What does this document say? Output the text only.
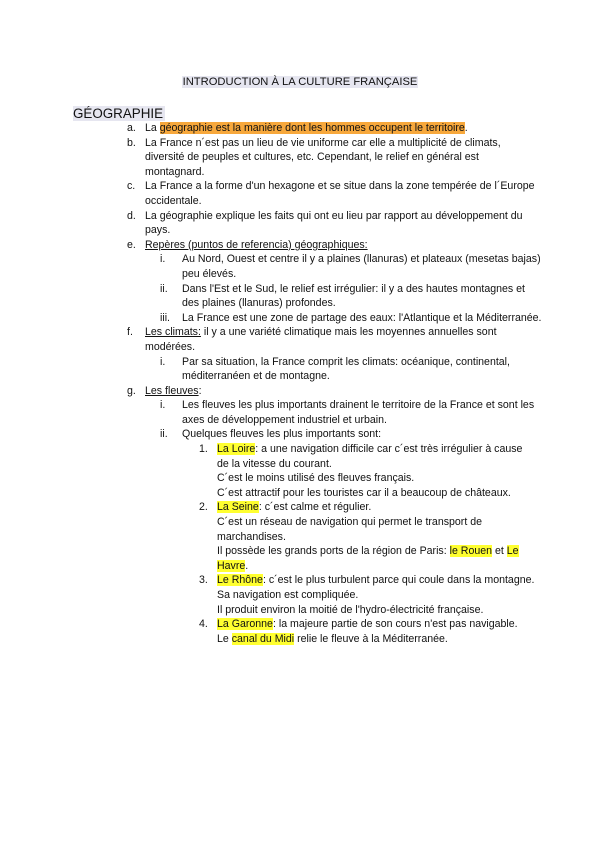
INTRODUCTION À LA CULTURE FRANÇAISE
GÉOGRAPHIE
a. La géographie est la manière dont les hommes occupent le territoire.
b. La France n´est pas un lieu de vie uniforme car elle a multiplicité de climats, diversité de peuples et cultures, etc. Cependant, le relief en général est montagnard.
c. La France a la forme d'un hexagone et se situe dans la zone tempérée de l´Europe occidentale.
d. La géographie explique les faits qui ont eu lieu par rapport au développement du pays.
e. Repères (puntos de referencia) géographiques:
i. Au Nord, Ouest et centre il y a plaines (llanuras) et plateaux (mesetas bajas) peu élevés.
ii. Dans l'Est et le Sud, le relief est irrégulier: il y a des hautes montagnes et des plaines (llanuras) profondes.
iii. La France est une zone de partage des eaux: l'Atlantique et la Méditerranée.
f. Les climats: il y a une variété climatique mais les moyennes annuelles sont modérées.
i. Par sa situation, la France comprit les climats: océanique, continental, méditerranéen et de montagne.
g. Les fleuves:
i. Les fleuves les plus importants drainent le territoire de la France et sont les axes de développement industriel et urbain.
ii. Quelques fleuves les plus importants sont:
1. La Loire: a une navigation difficile car c´est très irrégulier à cause de la vitesse du courant.
C´est le moins utilisé des fleuves français.
C´est attractif pour les touristes car il a beaucoup de châteaux.
2. La Seine: c´est calme et régulier.
C´est un réseau de navigation qui permet le transport de marchandises.
Il possède les grands ports de la région de Paris: le Rouen et Le Havre.
3. Le Rhône: c´est le plus turbulent parce qui coule dans la montagne.
Sa navigation est compliquée.
Il produit environ la moitié de l'hydro-électricité française.
4. La Garonne: la majeure partie de son cours n'est pas navigable.
Le canal du Midi relie le fleuve à la Méditerranée.
